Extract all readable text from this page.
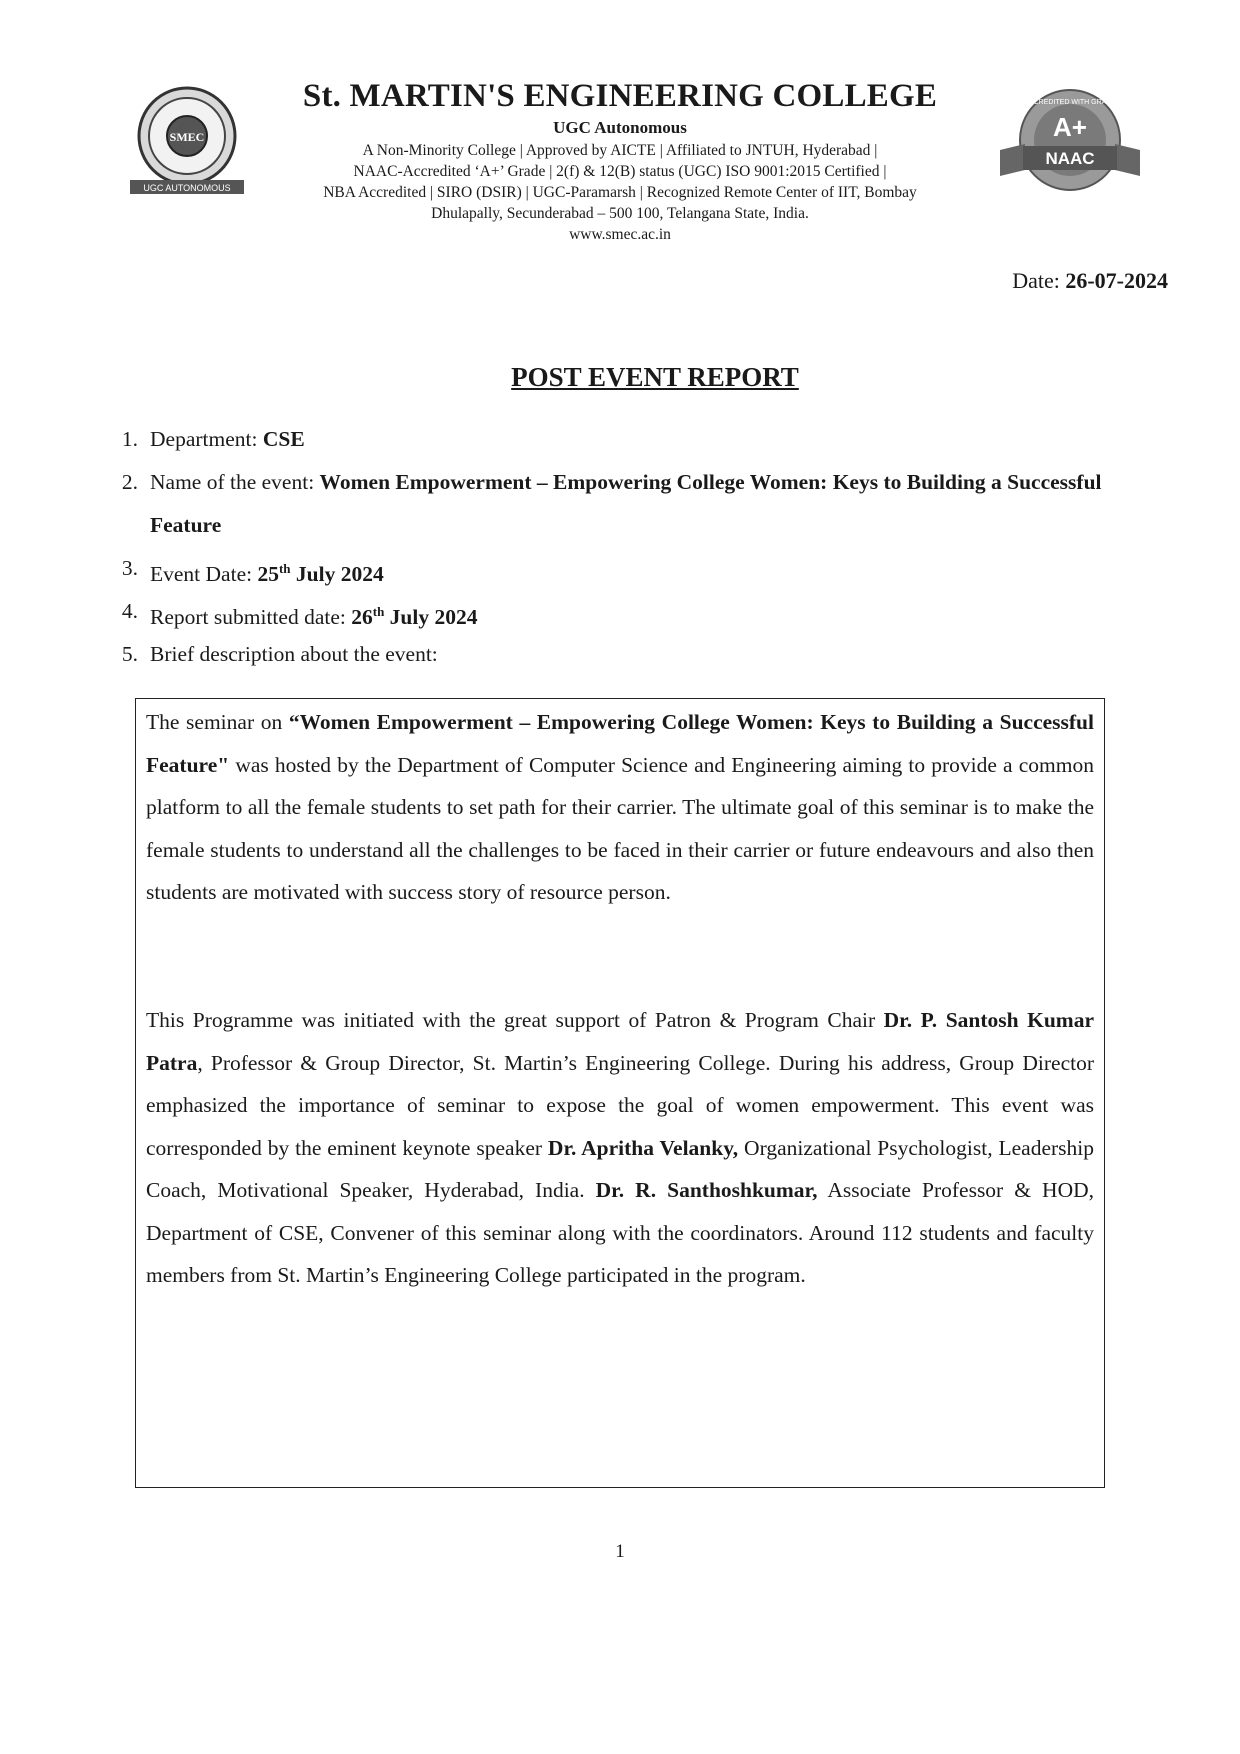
SMEC
UGC AUTONOMOUS
A+
NAAC
ACCREDITED WITH GRADE
St. MARTIN'S ENGINEERING COLLEGE
UGC Autonomous
A Non-Minority College | Approved by AICTE | Affiliated to JNTUH, Hyderabad |
NAAC-Accredited ‘A+’ Grade | 2(f) & 12(B) status (UGC) ISO 9001:2015 Certified |
NBA Accredited | SIRO (DSIR) | UGC-Paramarsh | Recognized Remote Center of IIT, Bombay
Dhulapally, Secunderabad – 500 100, Telangana State, India.
www.smec.ac.in
Date: 26-07-2024
POST EVENT REPORT
1. Department: CSE
2. Name of the event: Women Empowerment – Empowering College Women: Keys to Building a Successful Feature
3. Event Date: 25th July 2024
4. Report submitted date: 26th July 2024
5. Brief description about the event:
The seminar on “Women Empowerment – Empowering College Women: Keys to Building a Successful Feature" was hosted by the Department of Computer Science and Engineering aiming to provide a common platform to all the female students to set path for their carrier. The ultimate goal of this seminar is to make the female students to understand all the challenges to be faced in their carrier or future endeavours and also then students are motivated with success story of resource person.
This Programme was initiated with the great support of Patron & Program Chair Dr. P. Santosh Kumar Patra, Professor & Group Director, St. Martin’s Engineering College. During his address, Group Director emphasized the importance of seminar to expose the goal of women empowerment. This event was corresponded by the eminent keynote speaker Dr. Apritha Velanky, Organizational Psychologist, Leadership Coach, Motivational Speaker, Hyderabad, India. Dr. R. Santhoshkumar, Associate Professor & HOD, Department of CSE, Convener of this seminar along with the coordinators. Around 112 students and faculty members from St. Martin’s Engineering College participated in the program.
1
